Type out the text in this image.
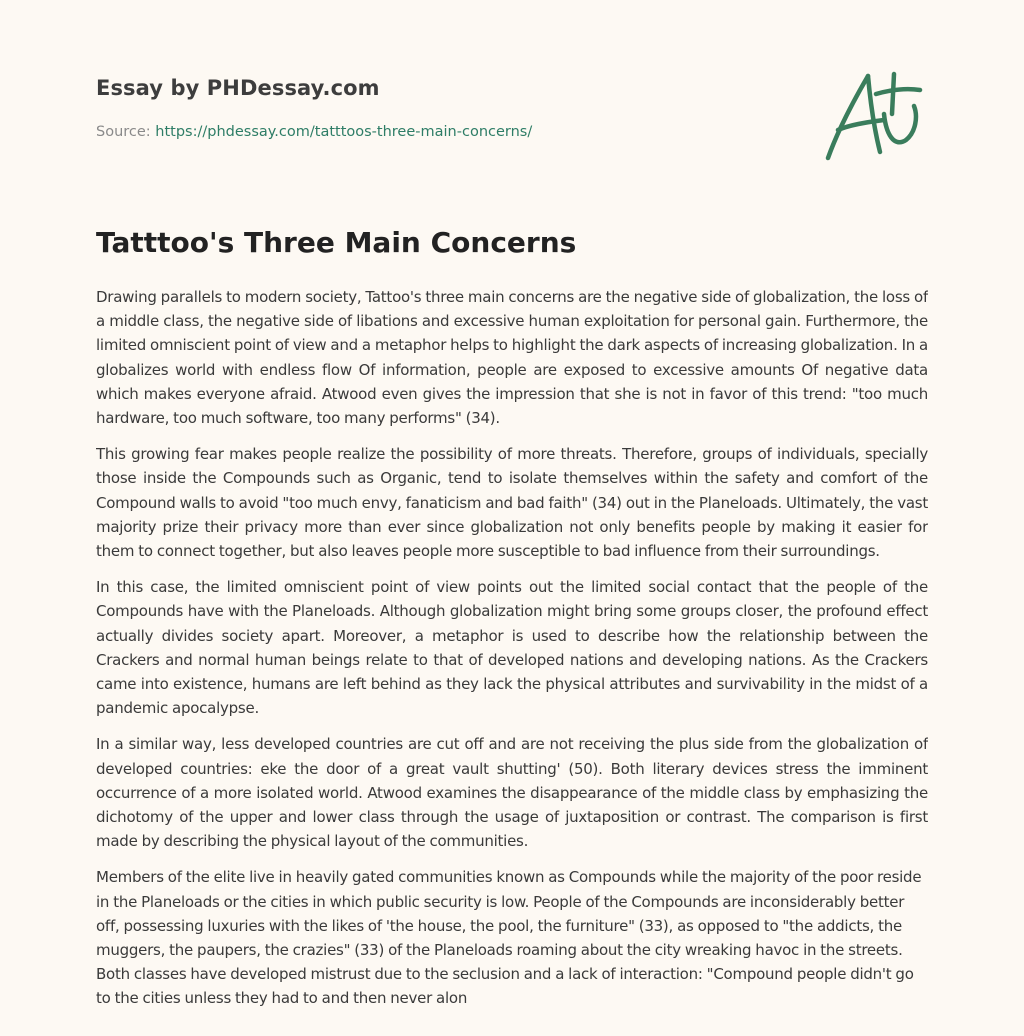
Essay by PHDessay.com
Source: https://phdessay.com/tatttoos-three-main-concerns/
Tatttoo's Three Main Concerns

Drawing parallels to modern society, Tattoo's three main concerns are the negative side of globalization, the loss of a middle class, the negative side of libations and excessive human exploitation for personal gain. Furthermore, the limited omniscient point of view and a metaphor helps to highlight the dark aspects of increasing globalization. In a globalizes world with endless flow Of information, people are exposed to excessive amounts Of negative data which makes everyone afraid. Atwood even gives the impression that she is not in favor of this trend: "too much hardware, too much software, too many performs" (34).

This growing fear makes people realize the possibility of more threats. Therefore, groups of individuals, specially those inside the Compounds such as Organic, tend to isolate themselves within the safety and comfort of the Compound walls to avoid "too much envy, fanaticism and bad faith" (34) out in the Planeloads. Ultimately, the vast majority prize their privacy more than ever since globalization not only benefits people by making it easier for them to connect together, but also leaves people more susceptible to bad influence from their surroundings.

In this case, the limited omniscient point of view points out the limited social contact that the people of the Compounds have with the Planeloads. Although globalization might bring some groups closer, the profound effect actually divides society apart. Moreover, a metaphor is used to describe how the relationship between the Crackers and normal human beings relate to that of developed nations and developing nations. As the Crackers came into existence, humans are left behind as they lack the physical attributes and survivability in the midst of a pandemic apocalypse.

In a similar way, less developed countries are cut off and are not receiving the plus side from the globalization of developed countries: eke the door of a great vault shutting' (50). Both literary devices stress the imminent occurrence of a more isolated world. Atwood examines the disappearance of the middle class by emphasizing the dichotomy of the upper and lower class through the usage of juxtaposition or contrast. The comparison is first made by describing the physical layout of the communities.

Members of the elite live in heavily gated communities known as Compounds while the majority of the poor reside in the Planeloads or the cities in which public security is low. People of the Compounds are inconsiderably better off, possessing luxuries with the likes of 'the house, the pool, the furniture" (33), as opposed to "the addicts, the muggers, the paupers, the crazies" (33) of the Planeloads roaming about the city wreaking havoc in the streets. Both classes have developed mistrust due to the seclusion and a lack of interaction: "Compound people didn't go to the cities unless they had to and then never alon
